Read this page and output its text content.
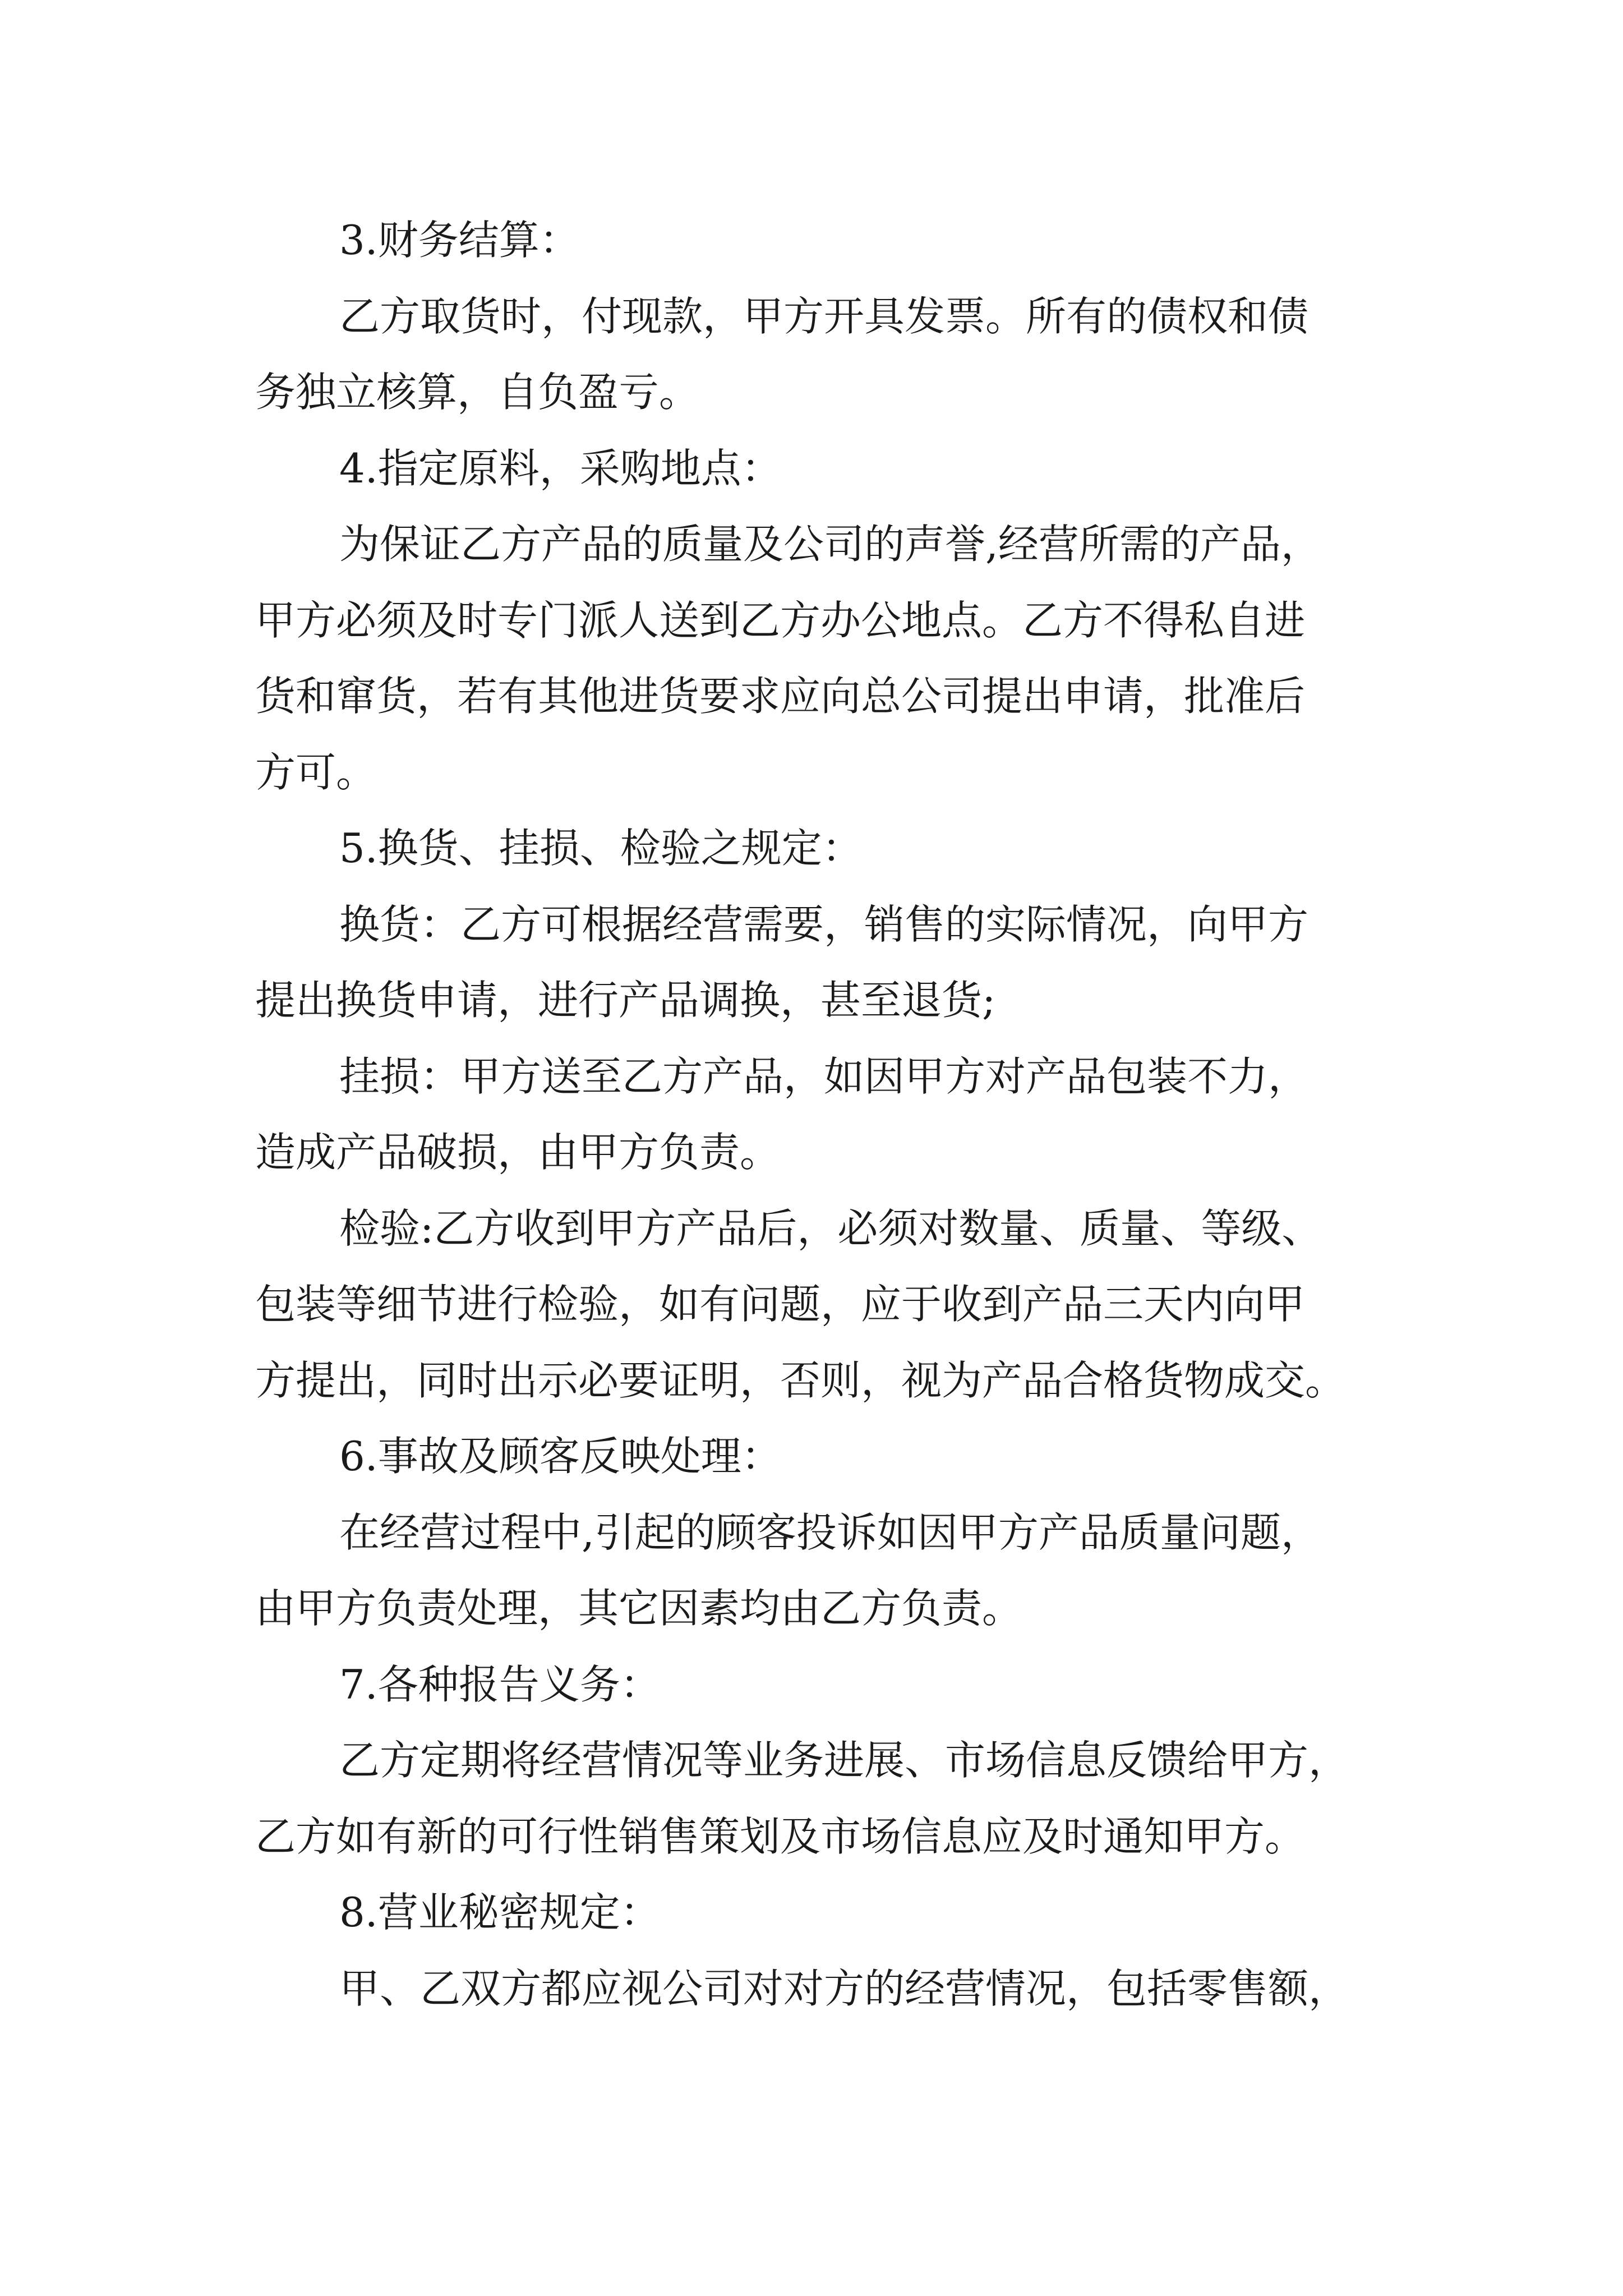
3.财务结算：

乙方取货时，付现款，甲方开具发票。所有的债权和债

务独立核算，自负盈亏。

4.指定原料，采购地点：

为保证乙方产品的质量及公司的声誉,经营所需的产品，

甲方必须及时专门派人送到乙方办公地点。乙方不得私自进

货和窜货，若有其他进货要求应向总公司提出申请，批准后

方可。

5.换货、挂损、检验之规定：

换货：乙方可根据经营需要，销售的实际情况，向甲方

提出换货申请，进行产品调换，甚至退货;

挂损：甲方送至乙方产品，如因甲方对产品包装不力，

造成产品破损，由甲方负责。

检验:乙方收到甲方产品后，必须对数量、质量、等级、

包装等细节进行检验，如有问题，应于收到产品三天内向甲

方提出，同时出示必要证明，否则，视为产品合格货物成交。

6.事故及顾客反映处理：

在经营过程中,引起的顾客投诉如因甲方产品质量问题，

由甲方负责处理，其它因素均由乙方负责。

7.各种报告义务：

乙方定期将经营情况等业务进展、市场信息反馈给甲方，

乙方如有新的可行性销售策划及市场信息应及时通知甲方。

8.营业秘密规定：

甲、乙双方都应视公司对对方的经营情况，包括零售额，
